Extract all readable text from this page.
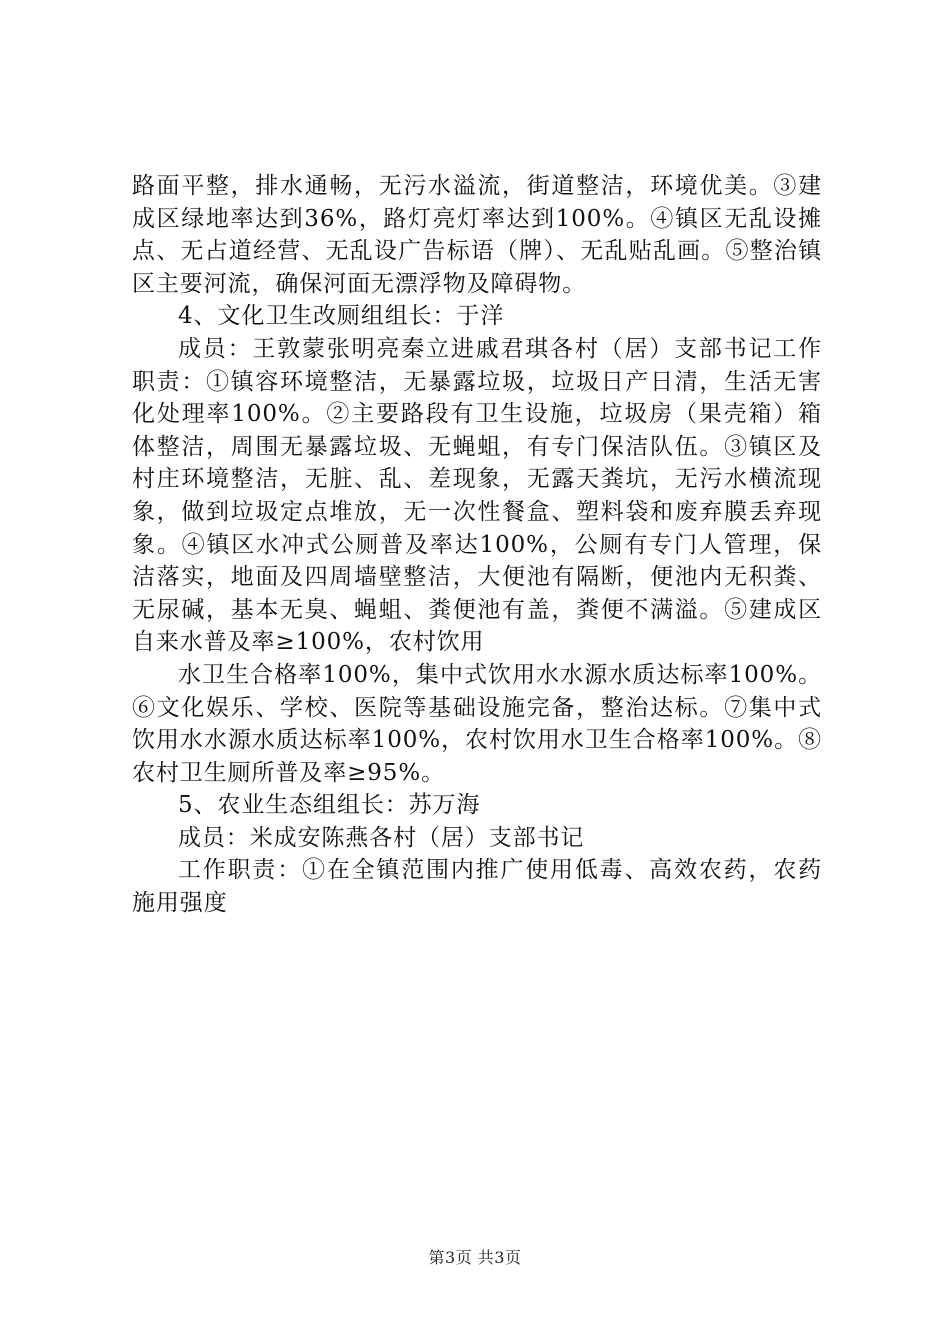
路面平整，排水通畅，无污水溢流，街道整洁，环境优美。③建成区绿地率达到36%，路灯亮灯率达到100%。④镇区无乱设摊点、无占道经营、无乱设广告标语（牌）、无乱贴乱画。⑤整治镇区主要河流，确保河面无漂浮物及障碍物。

4、文化卫生改厕组组长：于洋

成员：王敦蒙张明亮秦立进戚君琪各村（居）支部书记工作职责：①镇容环境整洁，无暴露垃圾，垃圾日产日清，生活无害化处理率100%。②主要路段有卫生设施，垃圾房（果壳箱）箱体整洁，周围无暴露垃圾、无蝇蛆，有专门保洁队伍。③镇区及村庄环境整洁，无脏、乱、差现象，无露天粪坑，无污水横流现象，做到垃圾定点堆放，无一次性餐盒、塑料袋和废弃膜丢弃现象。④镇区水冲式公厕普及率达100%，公厕有专门人管理，保洁落实，地面及四周墙壁整洁，大便池有隔断，便池内无积粪、无尿碱，基本无臭、蝇蛆、粪便池有盖，粪便不满溢。⑤建成区自来水普及率≥100%，农村饮用

水卫生合格率100%，集中式饮用水水源水质达标率100%。⑥文化娱乐、学校、医院等基础设施完备，整治达标。⑦集中式饮用水水源水质达标率100%，农村饮用水卫生合格率100%。⑧农村卫生厕所普及率≥95%。

5、农业生态组组长：苏万海

成员：米成安陈燕各村（居）支部书记

工作职责：①在全镇范围内推广使用低毒、高效农药，农药施用强度

第3页 共3页
